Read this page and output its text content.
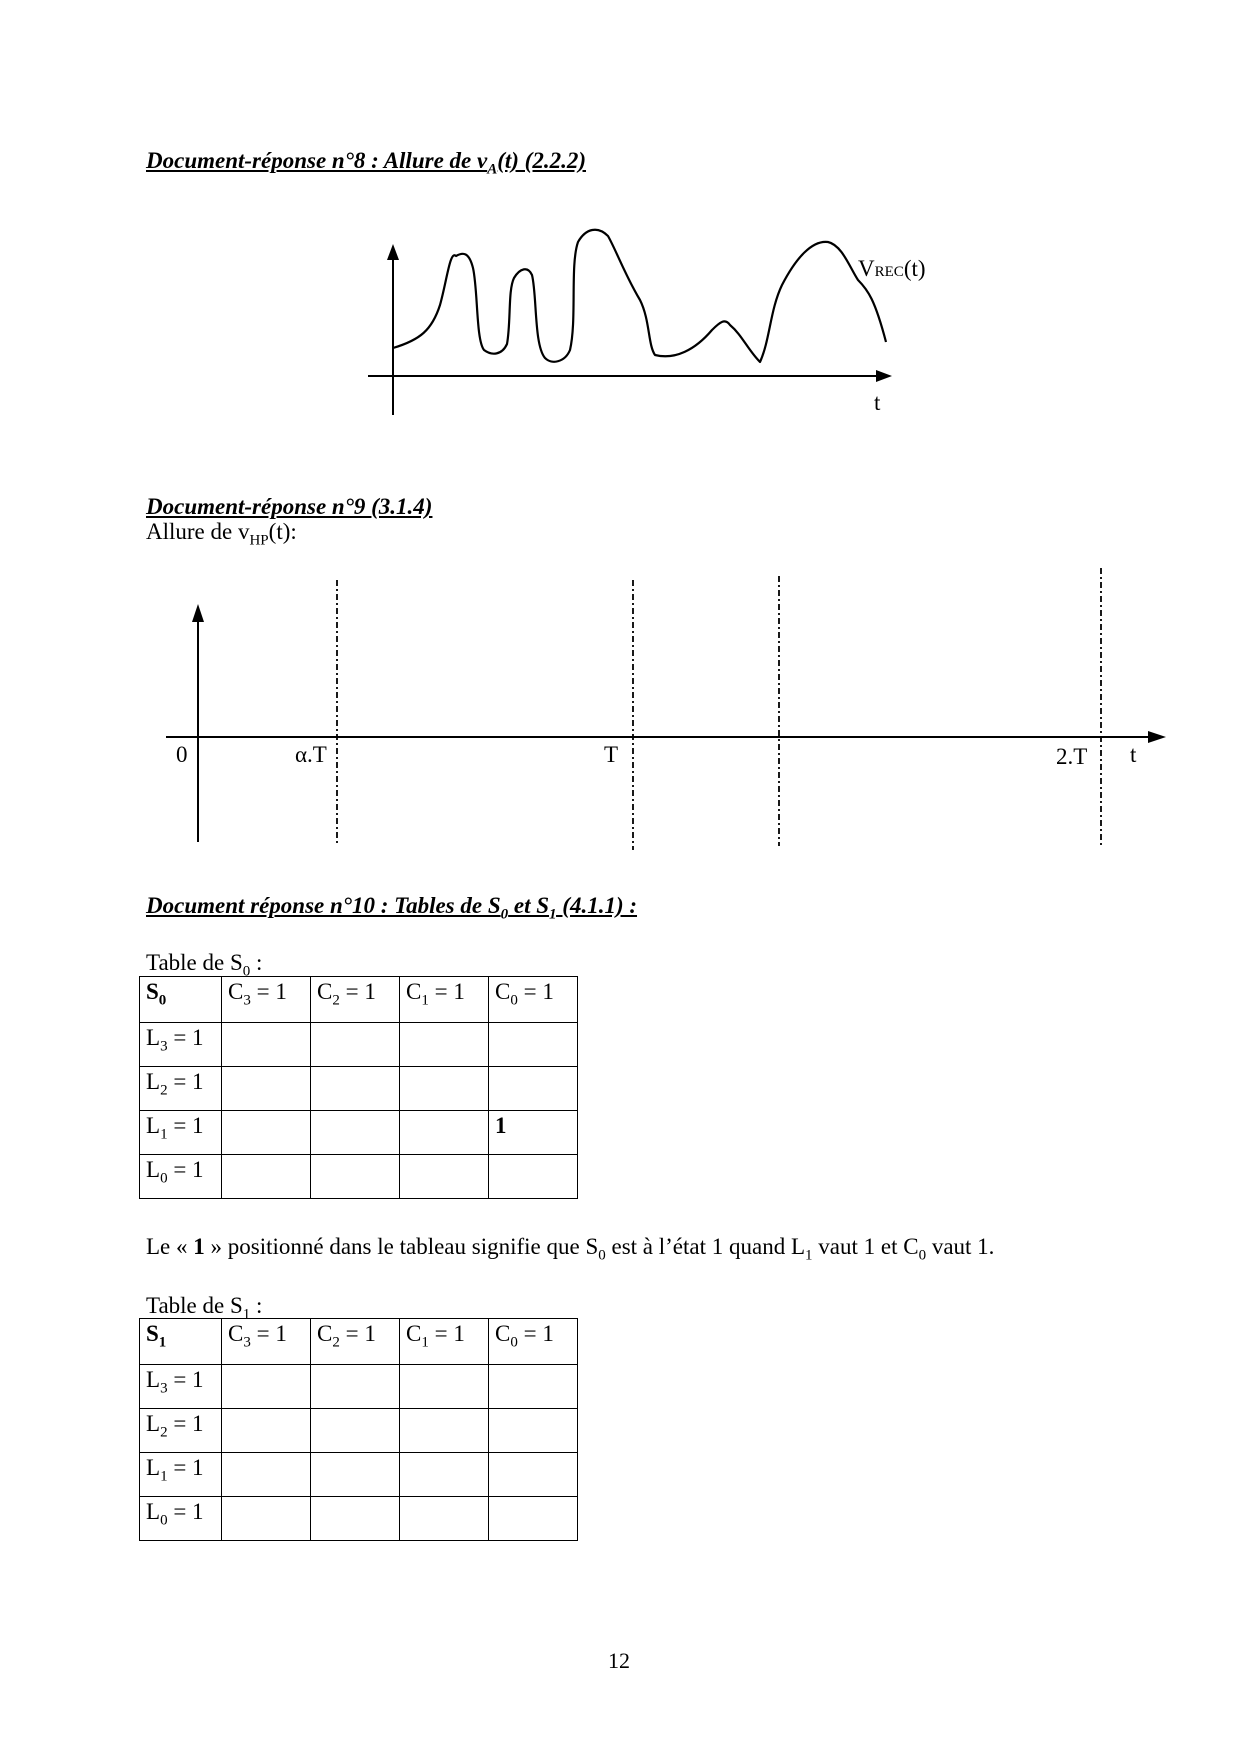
Document-réponse n°8 : Allure de $v_A(t)$ (2.2.2)
VREC(t)
t
Document-réponse n°9 (3.1.4)
Allure de $v_{HP}(t)$:
0	α.T	T	2.T t
Document réponse n°10 : Tables de $S_0$ et $S_1$ (4.1.1) :
Table de $S_0$ :
$S_0$	$C_3 = 1$	$C_2 = 1$	$C_1 = 1$	$C_0 = 1$
$L_3 = 1$				
$L_2 = 1$				
$L_1 = 1$				1
$L_0 = 1$				
Le « 1 » positionné dans le tableau signifie que $S_0$ est à l’état 1 quand $L_1$ vaut 1 et $C_0$ vaut 1.
Table de $S_1$ :
$S_1$	$C_3 = 1$	$C_2 = 1$	$C_1 = 1$	$C_0 = 1$
$L_3 = 1$				
$L_2 = 1$				
$L_1 = 1$				
$L_0 = 1$				
12
